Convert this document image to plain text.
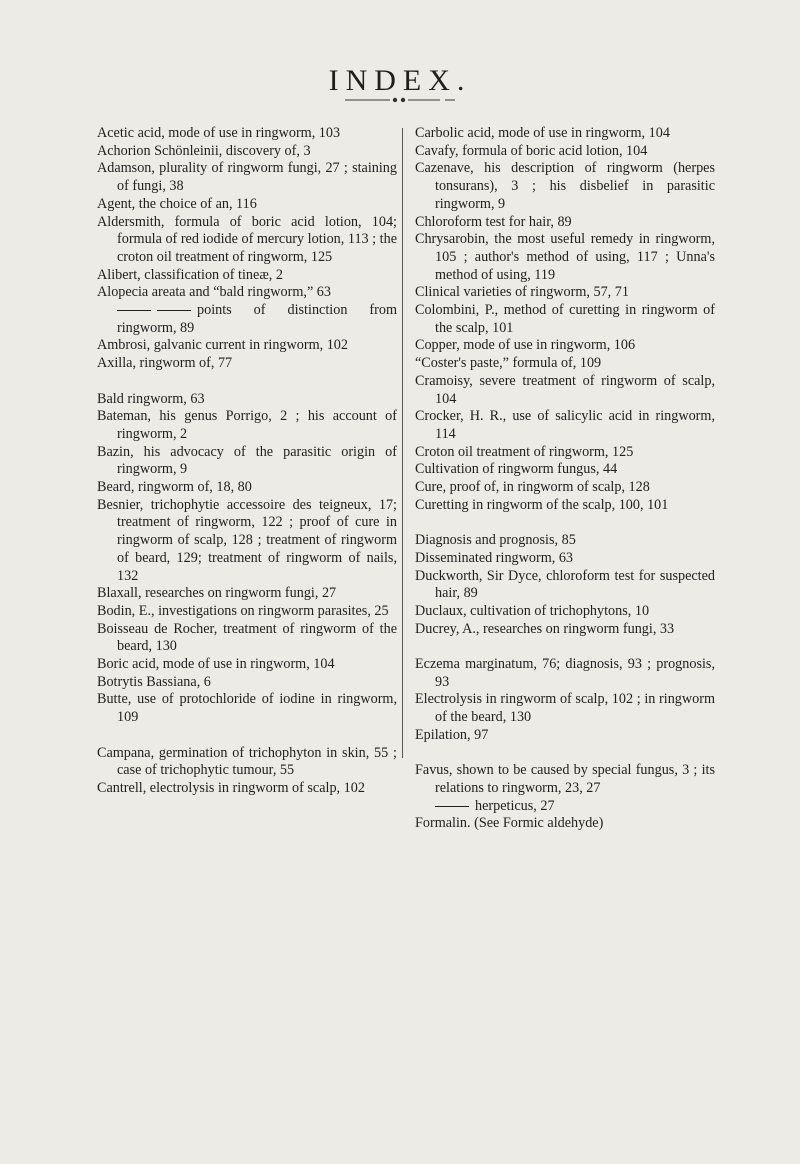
INDEX.
Acetic acid, mode of use in ringworm, 103
Achorion Schönleinii, discovery of, 3
Adamson, plurality of ringworm fungi, 27 ; staining of fungi, 38
Agent, the choice of an, 116
Aldersmith, formula of boric acid lotion, 104; formula of red iodide of mercury lotion, 113 ; the croton oil treatment of ringworm, 125
Alibert, classification of tineæ, 2
Alopecia areata and “bald ringworm,” 63
points of distinction from ringworm, 89
Ambrosi, galvanic current in ringworm, 102
Axilla, ringworm of, 77
Bald ringworm, 63
Bateman, his genus Porrigo, 2 ; his account of ringworm, 2
Bazin, his advocacy of the parasitic origin of ringworm, 9
Beard, ringworm of, 18, 80
Besnier, trichophytie accessoire des teigneux, 17; treatment of ringworm, 122 ; proof of cure in ringworm of scalp, 128 ; treatment of ringworm of beard, 129; treatment of ringworm of nails, 132
Blaxall, researches on ringworm fungi, 27
Bodin, E., investigations on ringworm parasites, 25
Boisseau de Rocher, treatment of ringworm of the beard, 130
Boric acid, mode of use in ringworm, 104
Botrytis Bassiana, 6
Butte, use of protochloride of iodine in ringworm, 109
Campana, germination of trichophyton in skin, 55 ; case of trichophytic tumour, 55
Cantrell, electrolysis in ringworm of scalp, 102
Carbolic acid, mode of use in ringworm, 104
Cavafy, formula of boric acid lotion, 104
Cazenave, his description of ringworm (herpes tonsurans), 3 ; his disbelief in parasitic ringworm, 9
Chloroform test for hair, 89
Chrysarobin, the most useful remedy in ringworm, 105 ; author's method of using, 117 ; Unna's method of using, 119
Clinical varieties of ringworm, 57, 71
Colombini, P., method of curetting in ringworm of the scalp, 101
Copper, mode of use in ringworm, 106
“Coster's paste,” formula of, 109
Cramoisy, severe treatment of ringworm of scalp, 104
Crocker, H. R., use of salicylic acid in ringworm, 114
Croton oil treatment of ringworm, 125
Cultivation of ringworm fungus, 44
Cure, proof of, in ringworm of scalp, 128
Curetting in ringworm of the scalp, 100, 101
Diagnosis and prognosis, 85
Disseminated ringworm, 63
Duckworth, Sir Dyce, chloroform test for suspected hair, 89
Duclaux, cultivation of trichophytons, 10
Ducrey, A., researches on ringworm fungi, 33
Eczema marginatum, 76; diagnosis, 93 ; prognosis, 93
Electrolysis in ringworm of scalp, 102 ; in ringworm of the beard, 130
Epilation, 97
Favus, shown to be caused by special fungus, 3 ; its relations to ringworm, 23, 27
herpeticus, 27
Formalin. (See Formic aldehyde)
